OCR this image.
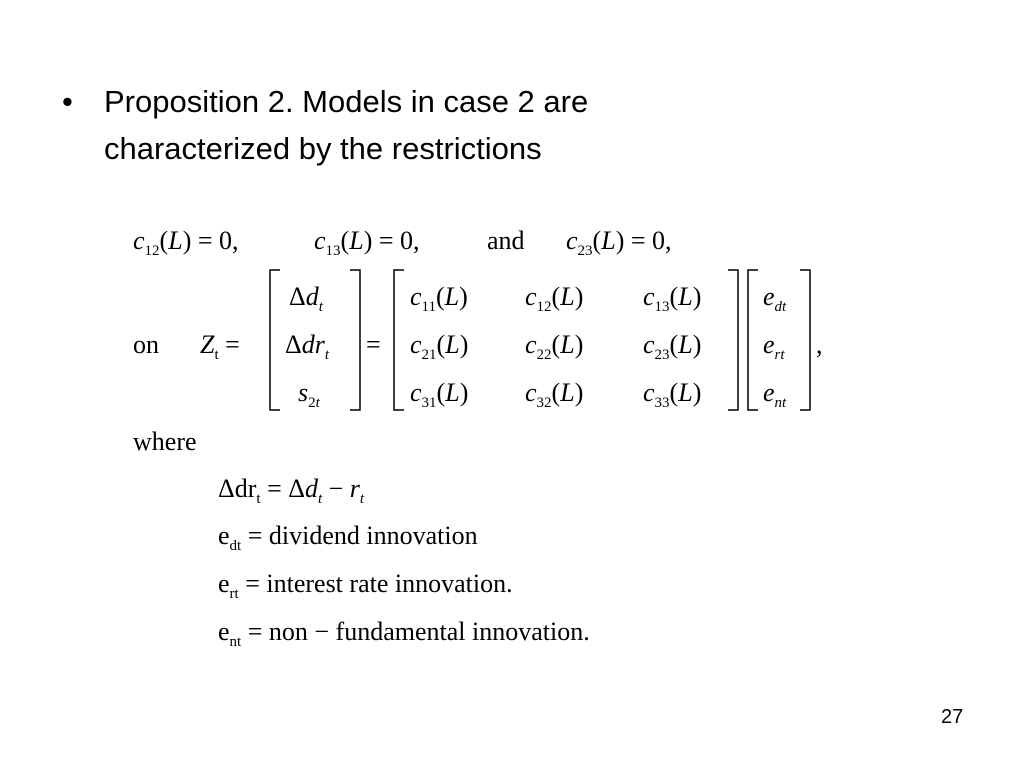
• Proposition 2. Models in case 2 are
characterized by the restrictions
$c_{12}(L) = 0$,	$c_{13}(L) = 0$,	and $c_{23}(L) = 0$,
on $Z_t$ =
$\Delta d_t$
Δdr$_t$
$s_{2t}$
=
$c_{11}(L)$ $c_{12}(L)$ $c_{13}(L)$
$c_{21}(L)$ $c_{22}(L)$ $c_{23}(L)$
$c_{31}(L)$ $c_{32}(L)$ $c_{33}(L)$
$e_{dt}$
$e_{rt}$
$e_{nt}$
,
where
$\Delta dr_t = \Delta d_t - r_t$
$e_{dt}$ = dividend innovation
$e_{rt}$ = interest rate innovation.
$e_{nt}$ = non − fundamental innovation.
27
